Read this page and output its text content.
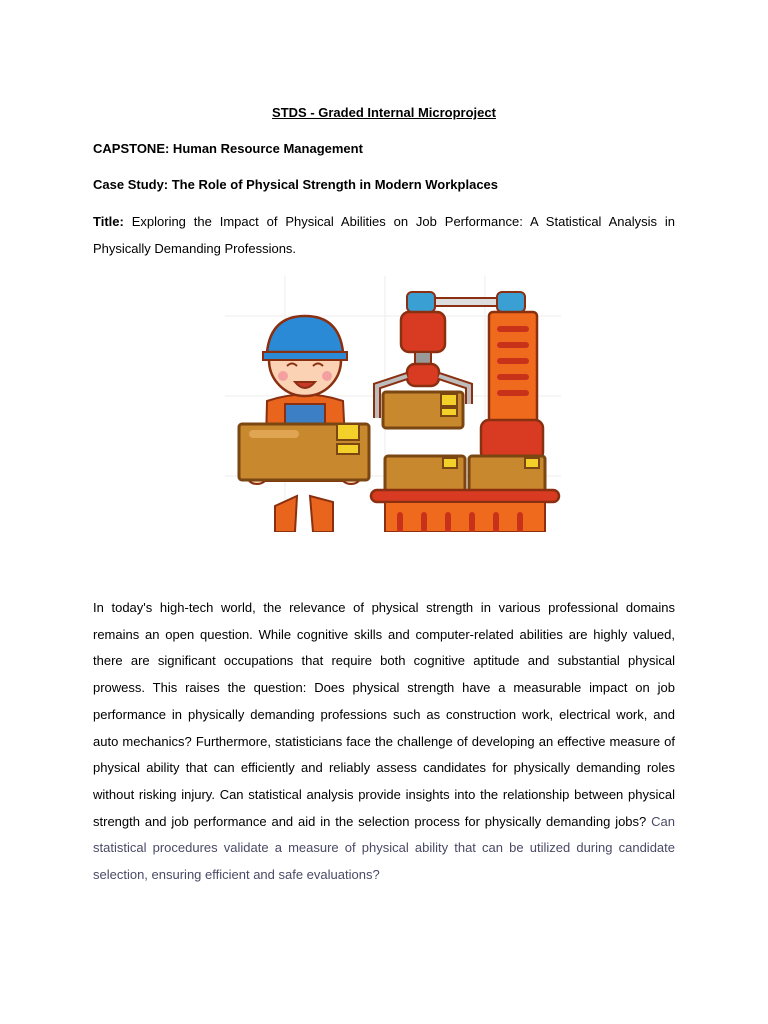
STDS - Graded Internal Microproject
CAPSTONE: Human Resource Management
Case Study: The Role of Physical Strength in Modern Workplaces
Title: Exploring the Impact of Physical Abilities on Job Performance: A Statistical Analysis in Physically Demanding Professions.
In today's high-tech world, the relevance of physical strength in various professional domains remains an open question. While cognitive skills and computer-related abilities are highly valued, there are significant occupations that require both cognitive aptitude and substantial physical prowess. This raises the question: Does physical strength have a measurable impact on job performance in physically demanding professions such as construction work, electrical work, and auto mechanics? Furthermore, statisticians face the challenge of developing an effective measure of physical ability that can efficiently and reliably assess candidates for physically demanding roles without risking injury. Can statistical analysis provide insights into the relationship between physical strength and job performance and aid in the selection process for physically demanding jobs? Can statistical procedures validate a measure of physical ability that can be utilized during candidate selection, ensuring efficient and safe evaluations?
